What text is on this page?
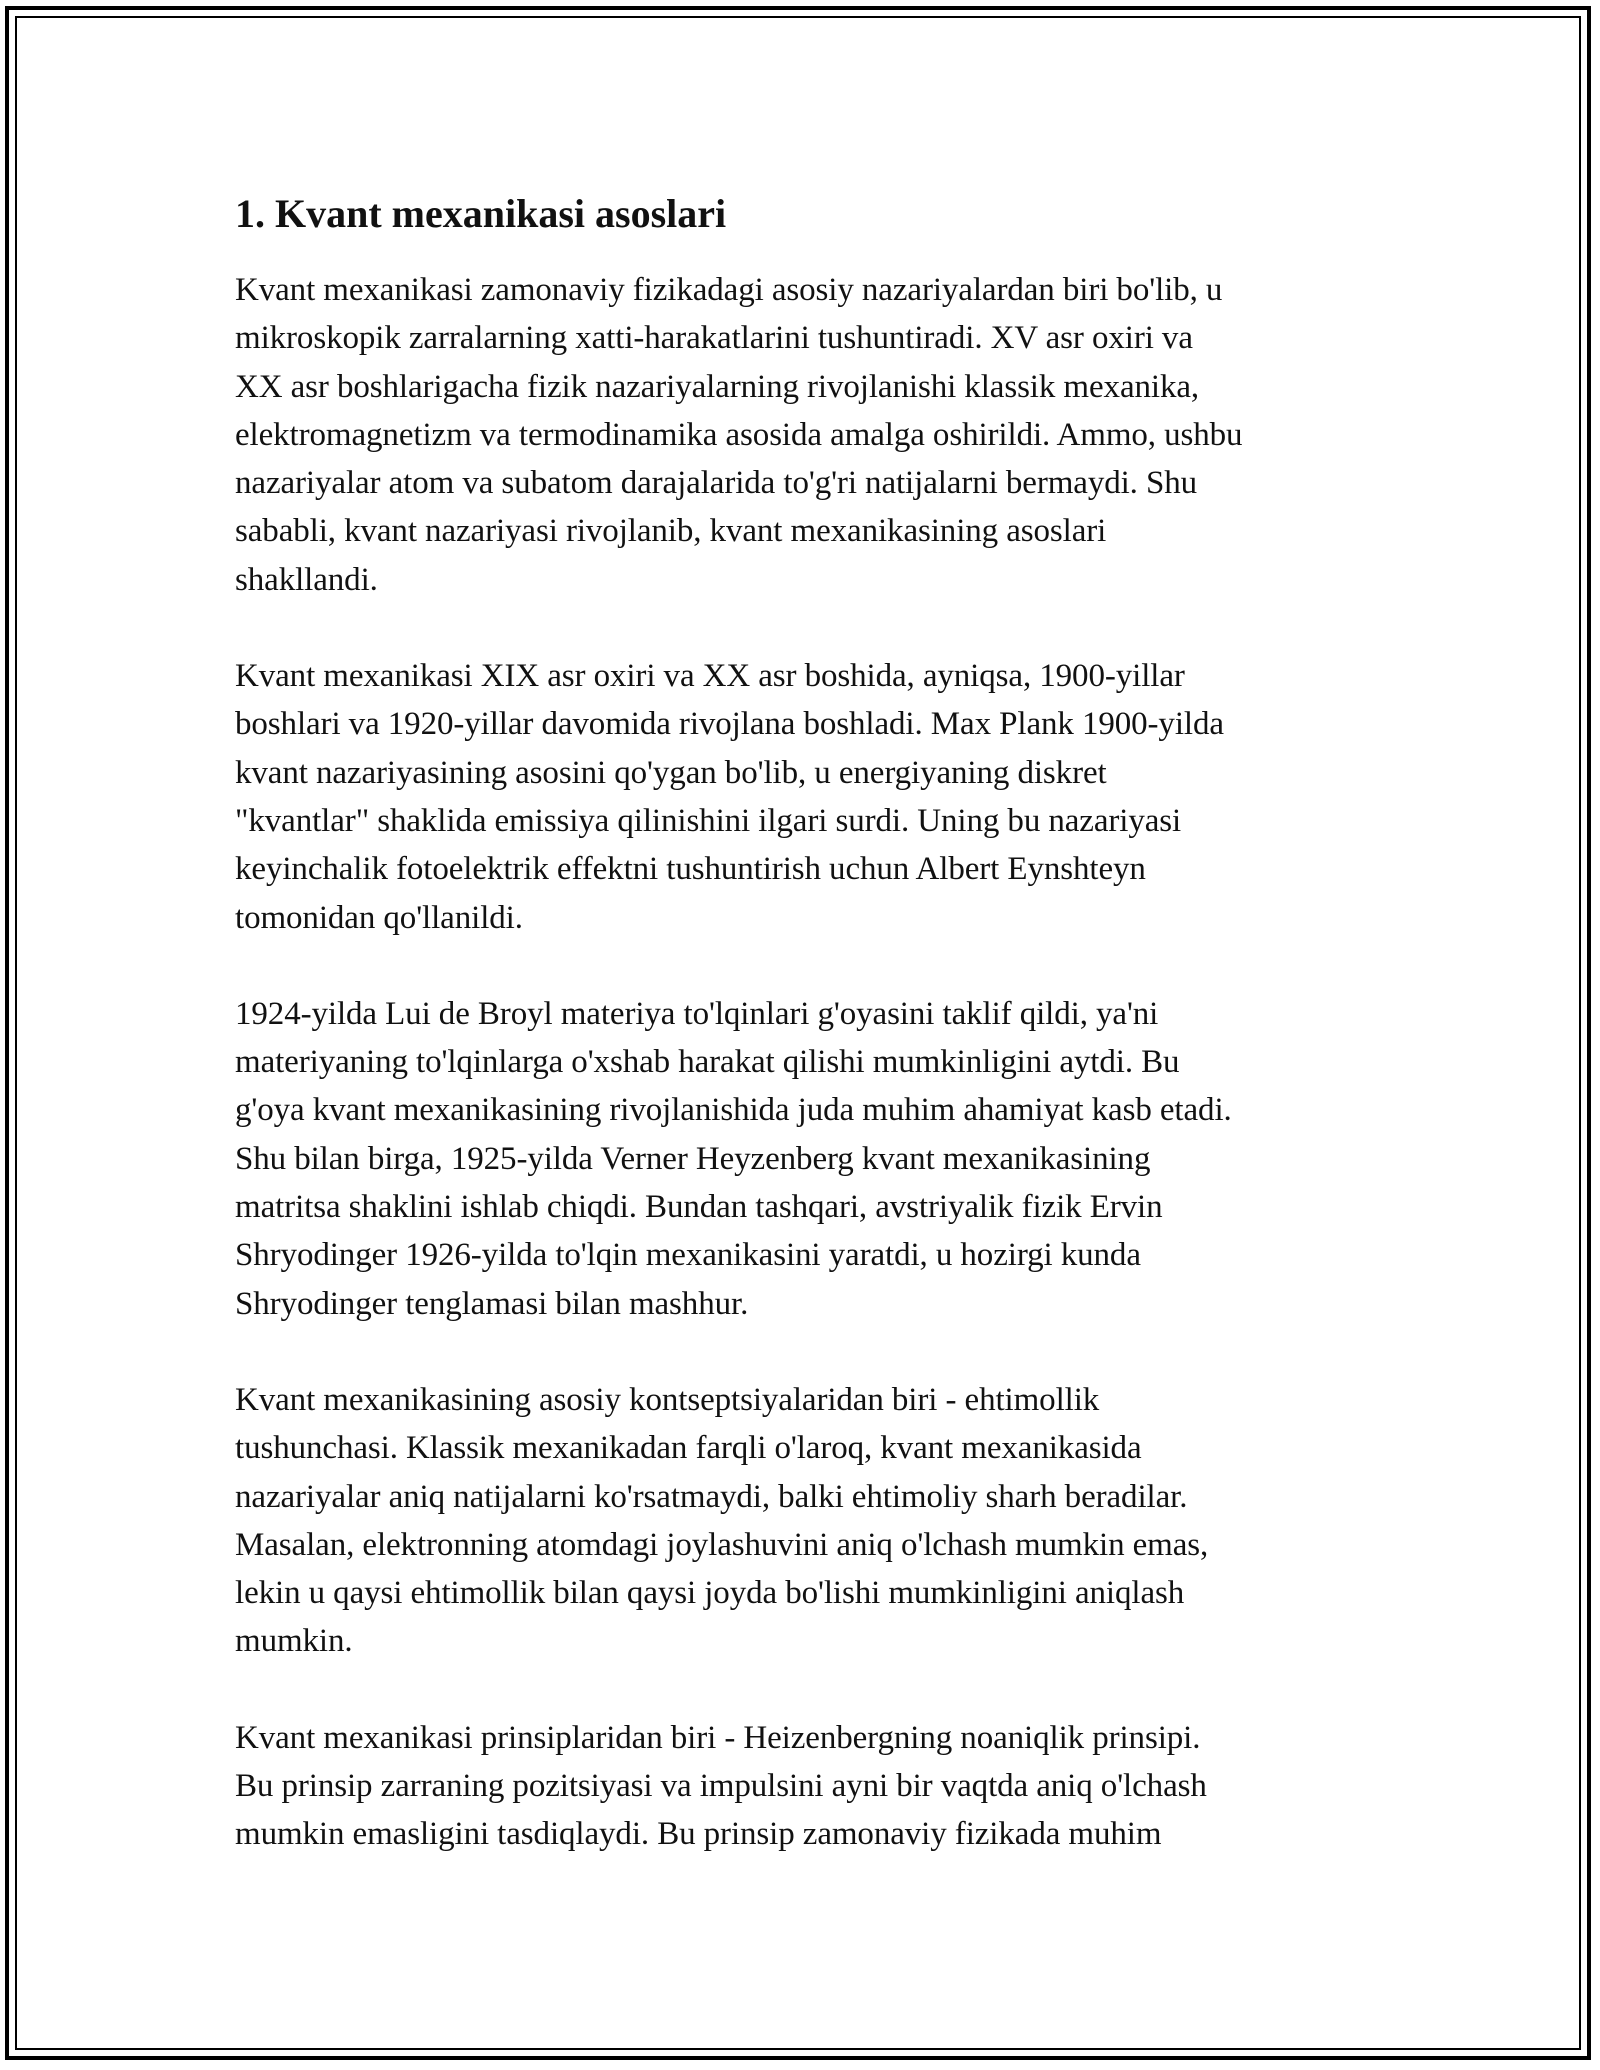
1. Kvant mexanikasi asoslari

Kvant mexanikasi zamonaviy fizikadagi asosiy nazariyalardan biri bo'lib, u
mikroskopik zarralarning xatti-harakatlarini tushuntiradi. XV asr oxiri va
XX asr boshlarigacha fizik nazariyalarning rivojlanishi klassik mexanika,
elektromagnetizm va termodinamika asosida amalga oshirildi. Ammo, ushbu
nazariyalar atom va subatom darajalarida to'g'ri natijalarni bermaydi. Shu
sababli, kvant nazariyasi rivojlanib, kvant mexanikasining asoslari
shakllandi.

Kvant mexanikasi XIX asr oxiri va XX asr boshida, ayniqsa, 1900-yillar
boshlari va 1920-yillar davomida rivojlana boshladi. Max Plank 1900-yilda
kvant nazariyasining asosini qo'ygan bo'lib, u energiyaning diskret
"kvantlar" shaklida emissiya qilinishini ilgari surdi. Uning bu nazariyasi
keyinchalik fotoelektrik effektni tushuntirish uchun Albert Eynshteyn
tomonidan qo'llanildi.

1924-yilda Lui de Broyl materiya to'lqinlari g'oyasini taklif qildi, ya'ni
materiyaning to'lqinlarga o'xshab harakat qilishi mumkinligini aytdi. Bu
g'oya kvant mexanikasining rivojlanishida juda muhim ahamiyat kasb etadi.
Shu bilan birga, 1925-yilda Verner Heyzenberg kvant mexanikasining
matritsa shaklini ishlab chiqdi. Bundan tashqari, avstriyalik fizik Ervin
Shryodinger 1926-yilda to'lqin mexanikasini yaratdi, u hozirgi kunda
Shryodinger tenglamasi bilan mashhur.

Kvant mexanikasining asosiy kontseptsiyalaridan biri - ehtimollik
tushunchasi. Klassik mexanikadan farqli o'laroq, kvant mexanikasida
nazariyalar aniq natijalarni ko'rsatmaydi, balki ehtimoliy sharh beradilar.
Masalan, elektronning atomdagi joylashuvini aniq o'lchash mumkin emas,
lekin u qaysi ehtimollik bilan qaysi joyda bo'lishi mumkinligini aniqlash
mumkin.

Kvant mexanikasi prinsiplaridan biri - Heizenbergning noaniqlik prinsipi.
Bu prinsip zarraning pozitsiyasi va impulsini ayni bir vaqtda aniq o'lchash
mumkin emasligini tasdiqlaydi. Bu prinsip zamonaviy fizikada muhim
